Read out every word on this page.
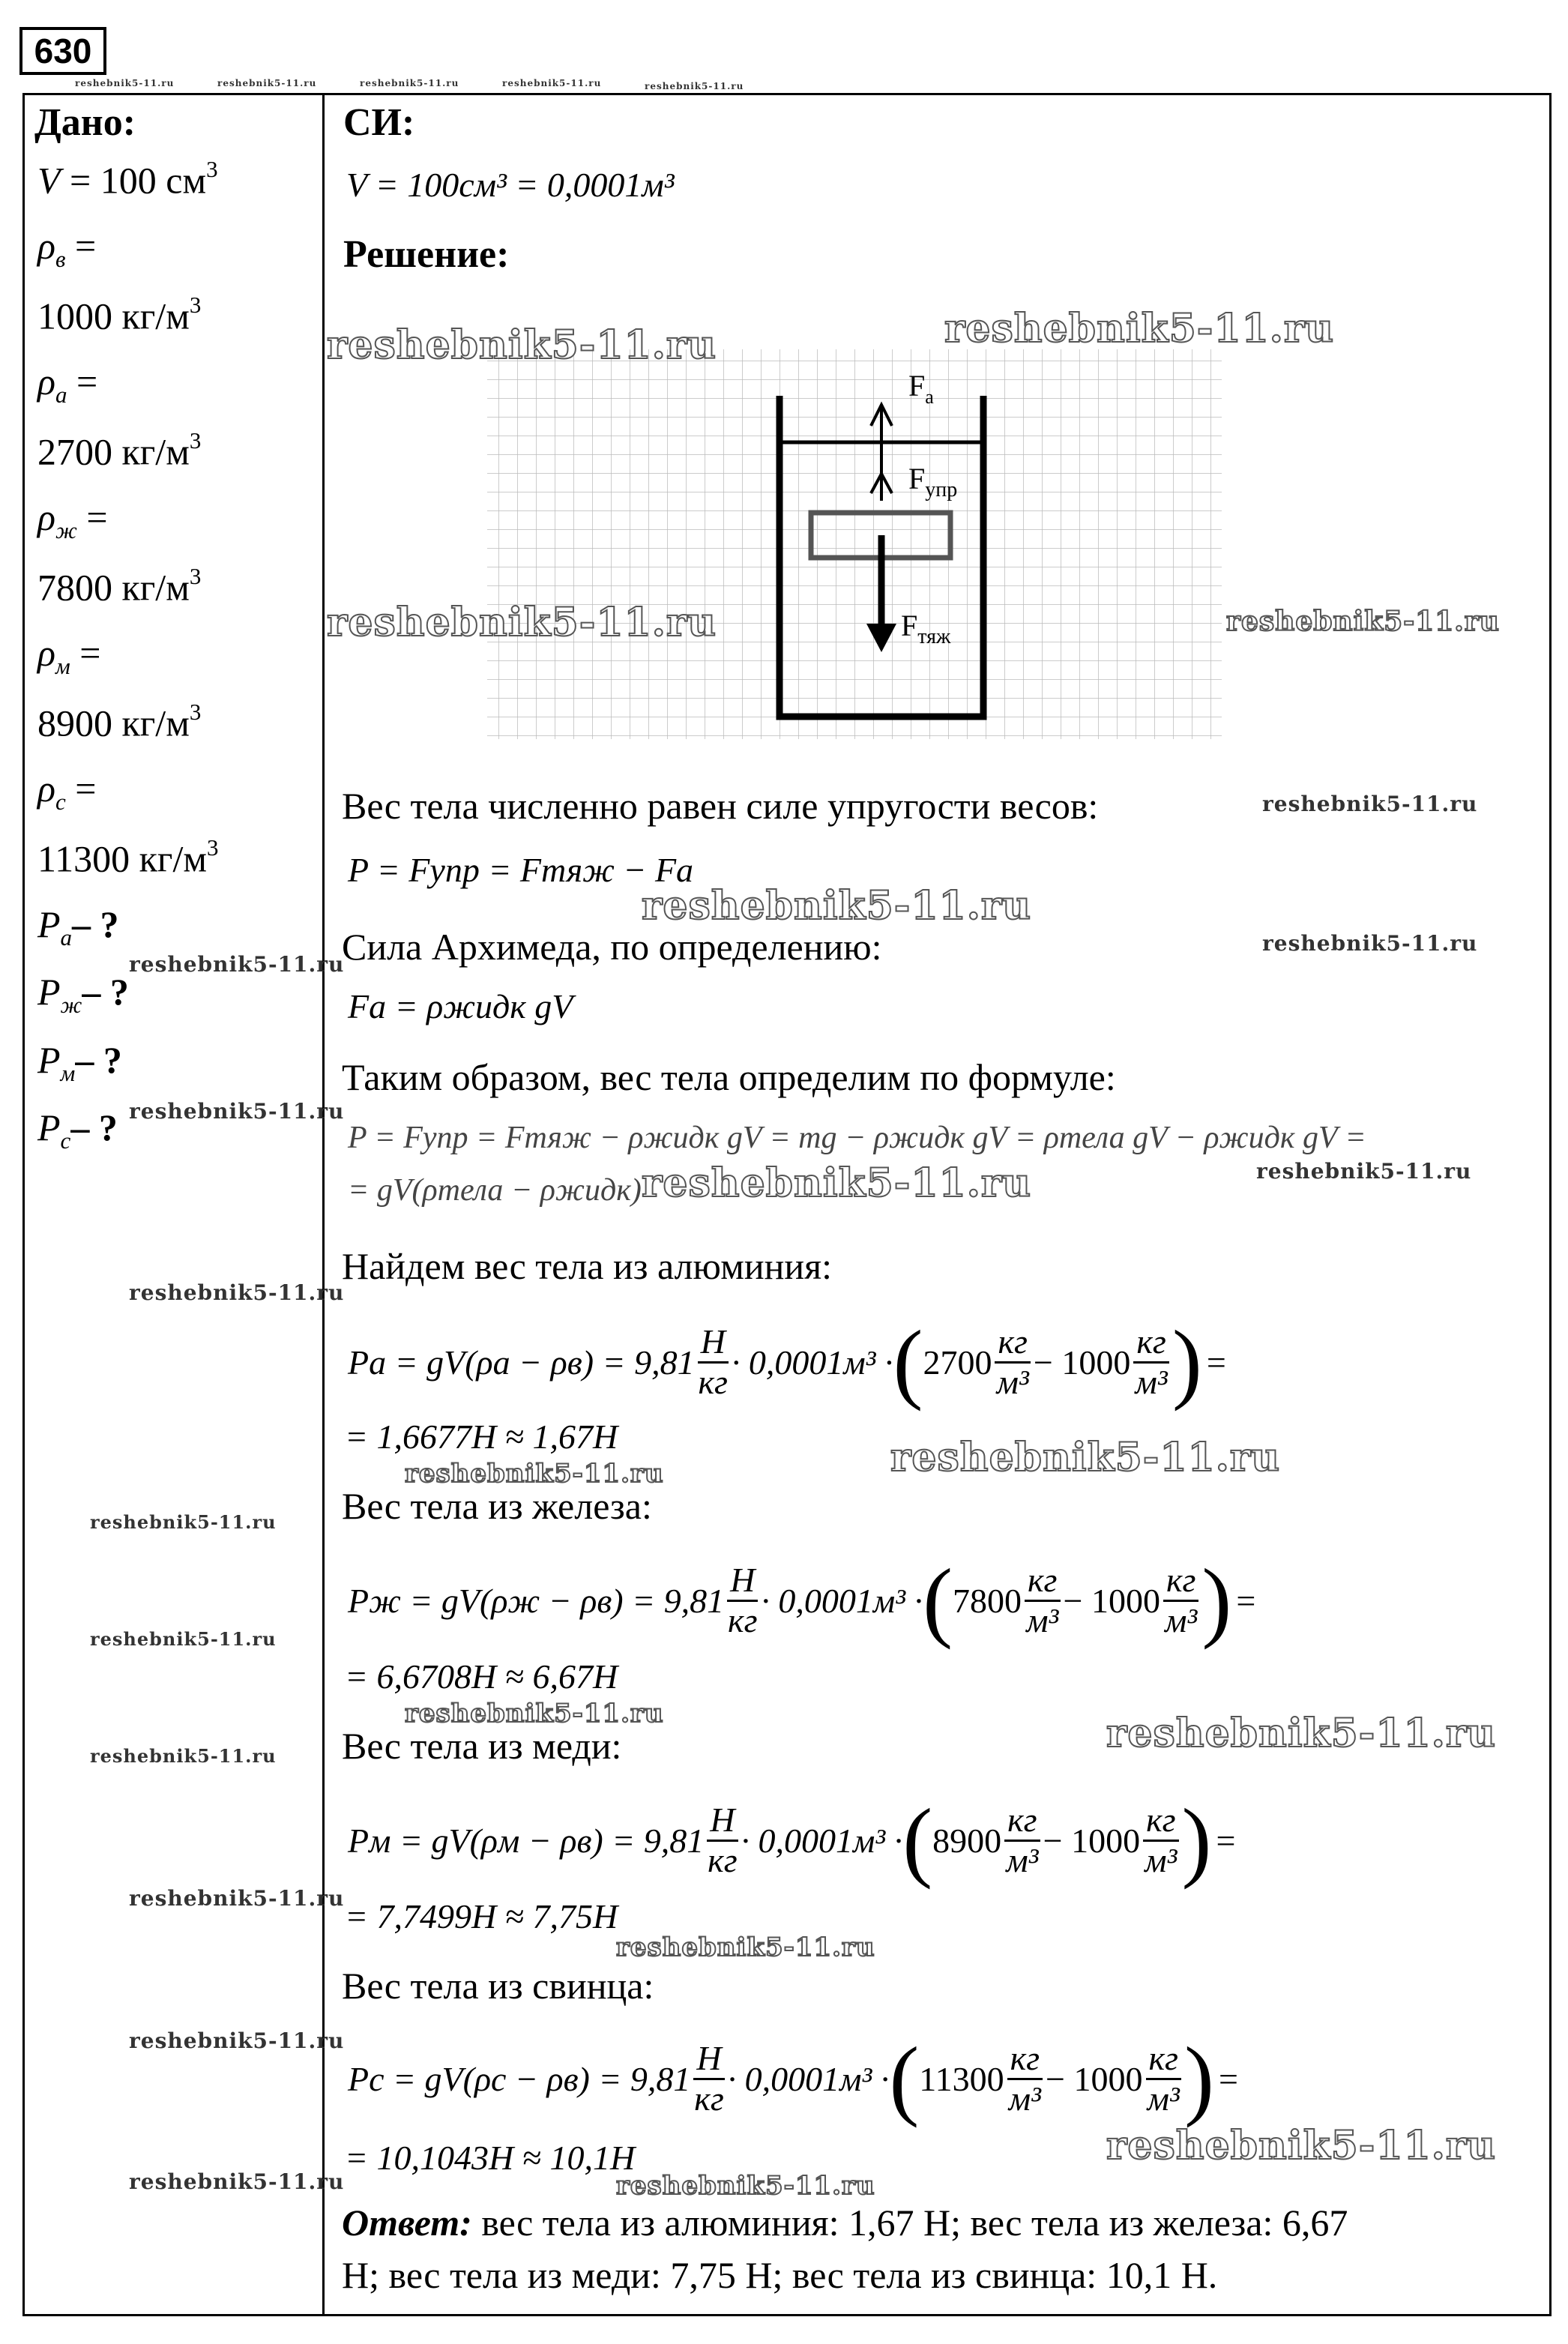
630
reshebnik5-11.ru	reshebnik5-11.ru	reshebnik5-11.ru	reshebnik5-11.ru	reshebnik5-11.ru
Дано:
V = 100 $см^3$
$\rho_в$ =
1000 $кг/м^3$
$\rho_а$ =
2700 $кг/м^3$
$\rho_ж$ =
7800 $кг/м^3$
$\rho_м$ =
8900 $кг/м^3$
$\rho_с$ =
11300 $кг/м^3$
$P_а-$ ?
$P_ж-$ ?
$P_м-$ ?
$P_с-$ ?
reshebnik5-11.ru
reshebnik5-11.ru
reshebnik5-11.ru
reshebnik5-11.ru
reshebnik5-11.ru
reshebnik5-11.ru
reshebnik5-11.ru
reshebnik5-11.ru
reshebnik5-11.ru
СИ:
V = 100см³ = 0,0001м³
Решение:
$F_a$
$F_{упр}$
$F_{тяж}$
reshebnik5-11.ru	reshebnik5-11.ru
reshebnik5-11.ru	reshebnik5-11.ru
Вес тела численно равен силе упругости весов:	reshebnik5-11.ru
P = Fупр = Fтяж − Fа
reshebnik5-11.ru
Сила Архимеда, по определению:	reshebnik5-11.ru
Fа = ρжидк gV
Таким образом, вес тела определим по формуле:
P = Fупр = Fтяж − ρжидк gV = mg − ρжидк gV = ρтела gV − ρжидк gV =
= gV(ρтела − ρжидк) reshebnik5-11.ru	reshebnik5-11.ru
Найдем вес тела из алюминия:
Pа = $gV(\rho а - \rho в) = 9,81 \frac{H}{кг} \cdot 0,0001м^3$ · ( $2700 \frac{кг}{\text{м³}} - 1000 \frac{кг}{\text{м³}}$ ) =
= 1,6677H ≈ 1,67H
reshebnik5-11.ru	reshebnik5-11.ru
Вес тела из железа:
Pж = $gV(\rho ж - \rho в) = 9,81 \frac{H}{кг} \cdot 0,0001м^3$ · ( $7800 \frac{кг}{\text{м³}} - 1000 \frac{кг}{\text{м³}}$ ) =
= 6,6708H ≈ 6,67H
reshebnik5-11.ru
Вес тела из меди:	reshebnik5-11.ru
Pм = $gV(\rho м - \rho в) = 9,81 \frac{H}{кг} \cdot 0,0001м^3$ · ( $8900 \frac{кг}{\text{м³}} - 1000 \frac{кг}{\text{м³}}$ ) =
= 7,7499H ≈ 7,75H
reshebnik5-11.ru
Вес тела из свинца:
Pс = $gV(\rho с - \rho в) = 9,81 \frac{H}{кг} \cdot 0,0001м^3$ · ( $11300 \frac{кг}{\text{м³}} - 1000 \frac{кг}{\text{м³}}$ ) =
= 10,1043H ≈ 10,1H
reshebnik5-11.ru
reshebnik5-11.ru
Ответ: вес тела из алюминия: 1,67 Н; вес тела из железа: 6,67
Н; вес тела из меди: 7,75 Н; вес тела из свинца: 10,1 Н.
